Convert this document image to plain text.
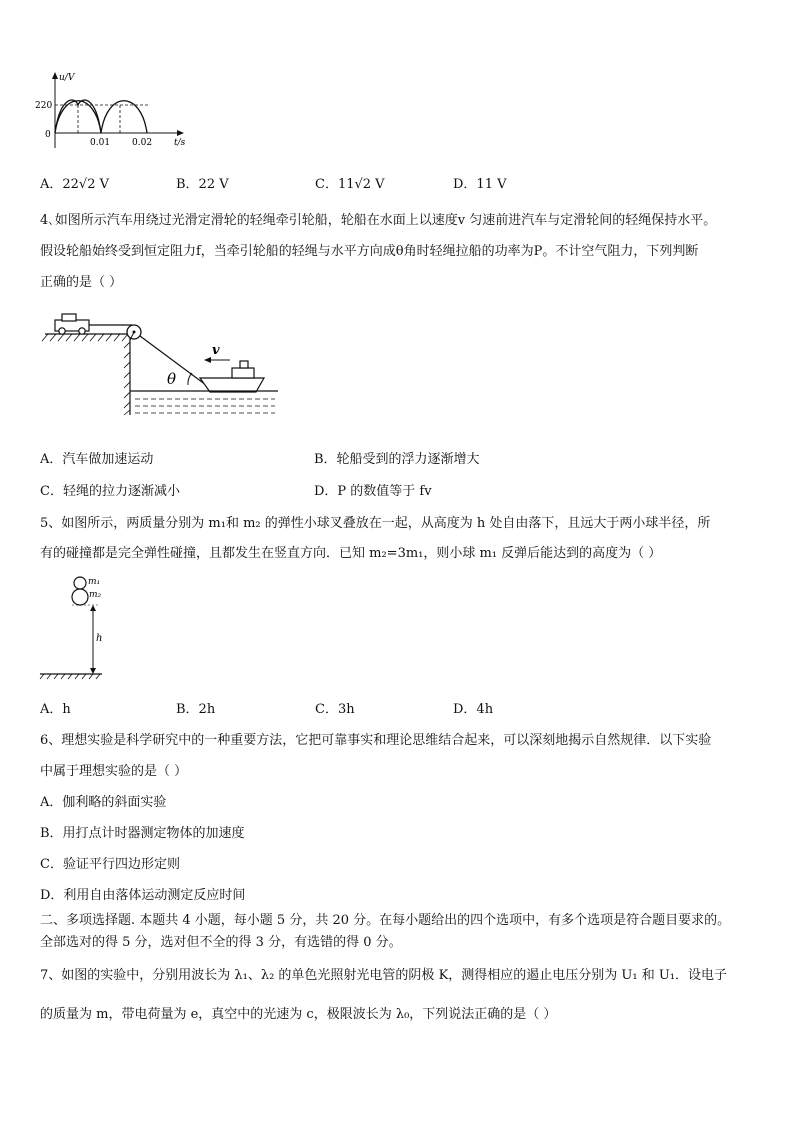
u/V
220
0
0.01 0.02 t/s
A．22√2 V	B．22 V	C．11√2 V	D．11 V
4､如图所示汽车用绕过光滑定滑轮的轻绳牵引轮船，轮船在水面上以速度v 匀速前进汽车与定滑轮间的轻绳保持水平。
假设轮船始终受到恒定阻力f，当牵引轮船的轻绳与水平方向成θ角时轻绳拉船的功率为P。不计空气阻力，下列判断
正确的是（ ）
v
θ
A．汽车做加速运动	B．轮船受到的浮力逐渐增大
C．轻绳的拉力逐渐减小	D．P 的数值等于 fv
5、如图所示，两质量分别为 m₁和 m₂ 的弹性小球叉叠放在一起，从高度为 h 处自由落下，且远大于两小球半径，所
有的碰撞都是完全弹性碰撞，且都发生在竖直方向．已知 m₂=3m₁，则小球 m₁ 反弹后能达到的高度为（ ）
m₁
m₂
h
A．h	B．2h	C．3h	D．4h
6、理想实验是科学研究中的一种重要方法，它把可靠事实和理论思维结合起来，可以深刻地揭示自然规律．以下实验
中属于理想实验的是（ ）
A．伽利略的斜面实验
B．用打点计时器测定物体的加速度
C．验证平行四边形定则
D．利用自由落体运动测定反应时间
二、多项选择题. 本题共 4 小题，每小题 5 分，共 20 分。在每小题给出的四个选项中，有多个选项是符合题目要求的。
全部选对的得 5 分，选对但不全的得 3 分，有选错的得 0 分。
7、如图的实验中，分别用波长为 λ₁、λ₂ 的单色光照射光电管的阴极 K，测得相应的遏止电压分别为 U₁ 和 U₁．设电子
的质量为 m，带电荷量为 e，真空中的光速为 c，极限波长为 λ₀，下列说法正确的是（ ）
